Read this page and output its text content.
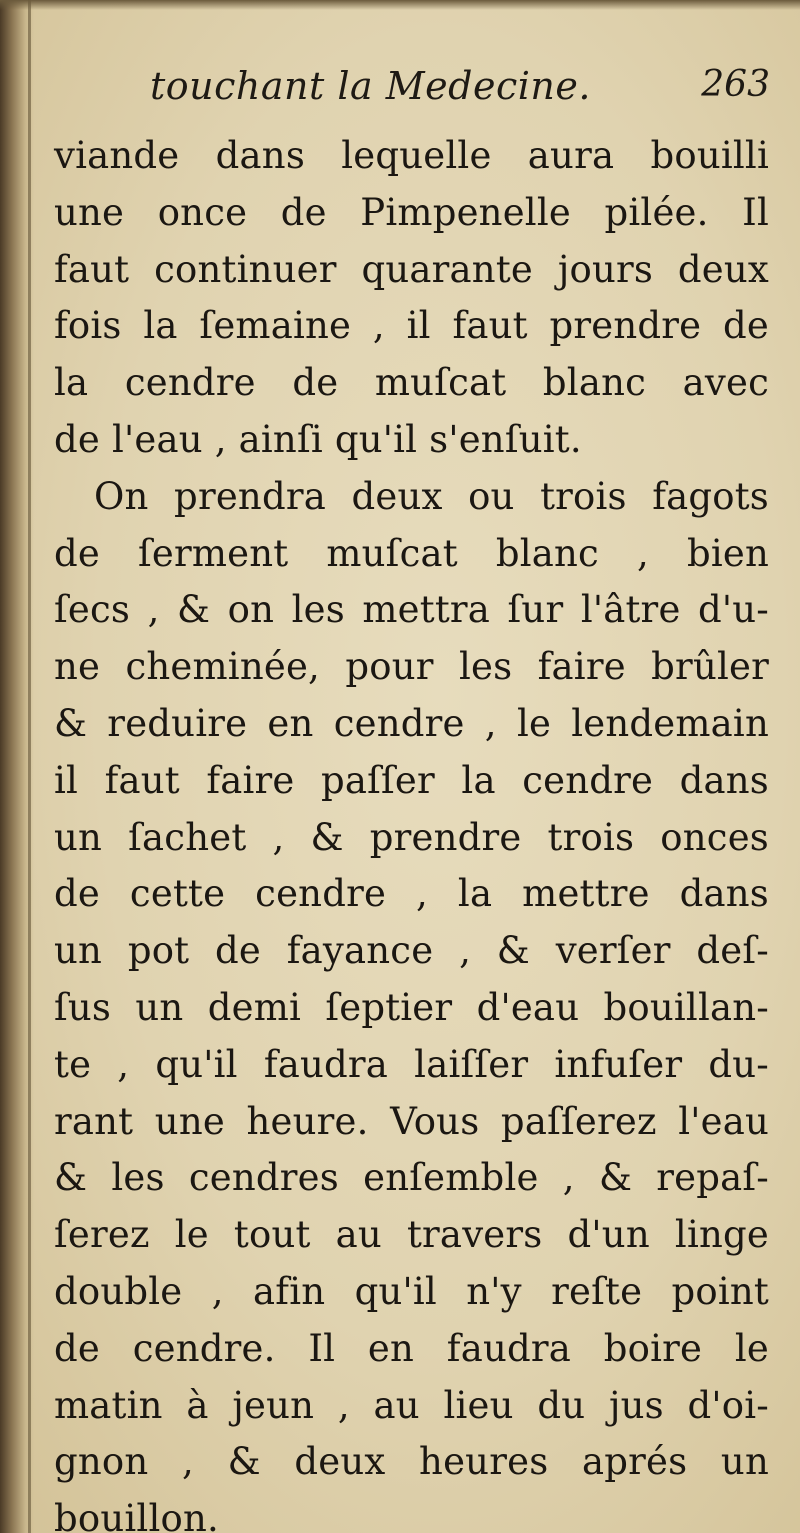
touchant la Medecine.	263
viande dans lequelle aura bouilli
une once de Pimpenelle pilée. Il
faut continuer quarante jours deux
fois la ſemaine , il faut prendre de
la cendre de muſcat blanc avec
de l'eau , ainſi qu'il s'enſuit.
On prendra deux ou trois fagots
de ſerment muſcat blanc , bien
ſecs , & on les mettra ſur l'âtre d'u-
ne cheminée, pour les faire brûler
& reduire en cendre , le lendemain
il faut faire paſſer la cendre dans
un ſachet , & prendre trois onces
de cette cendre , la mettre dans
un pot de fayance , & verſer deſ-
ſus un demi ſeptier d'eau bouillan-
te , qu'il faudra laiſſer infuſer du-
rant une heure. Vous paſſerez l'eau
& les cendres enſemble , & repaſ-
ſerez le tout au travers d'un linge
double , afin qu'il n'y reſte point
de cendre. Il en faudra boire le
matin à jeun , au lieu du jus d'oi-
gnon , & deux heures aprés un
bouillon.
